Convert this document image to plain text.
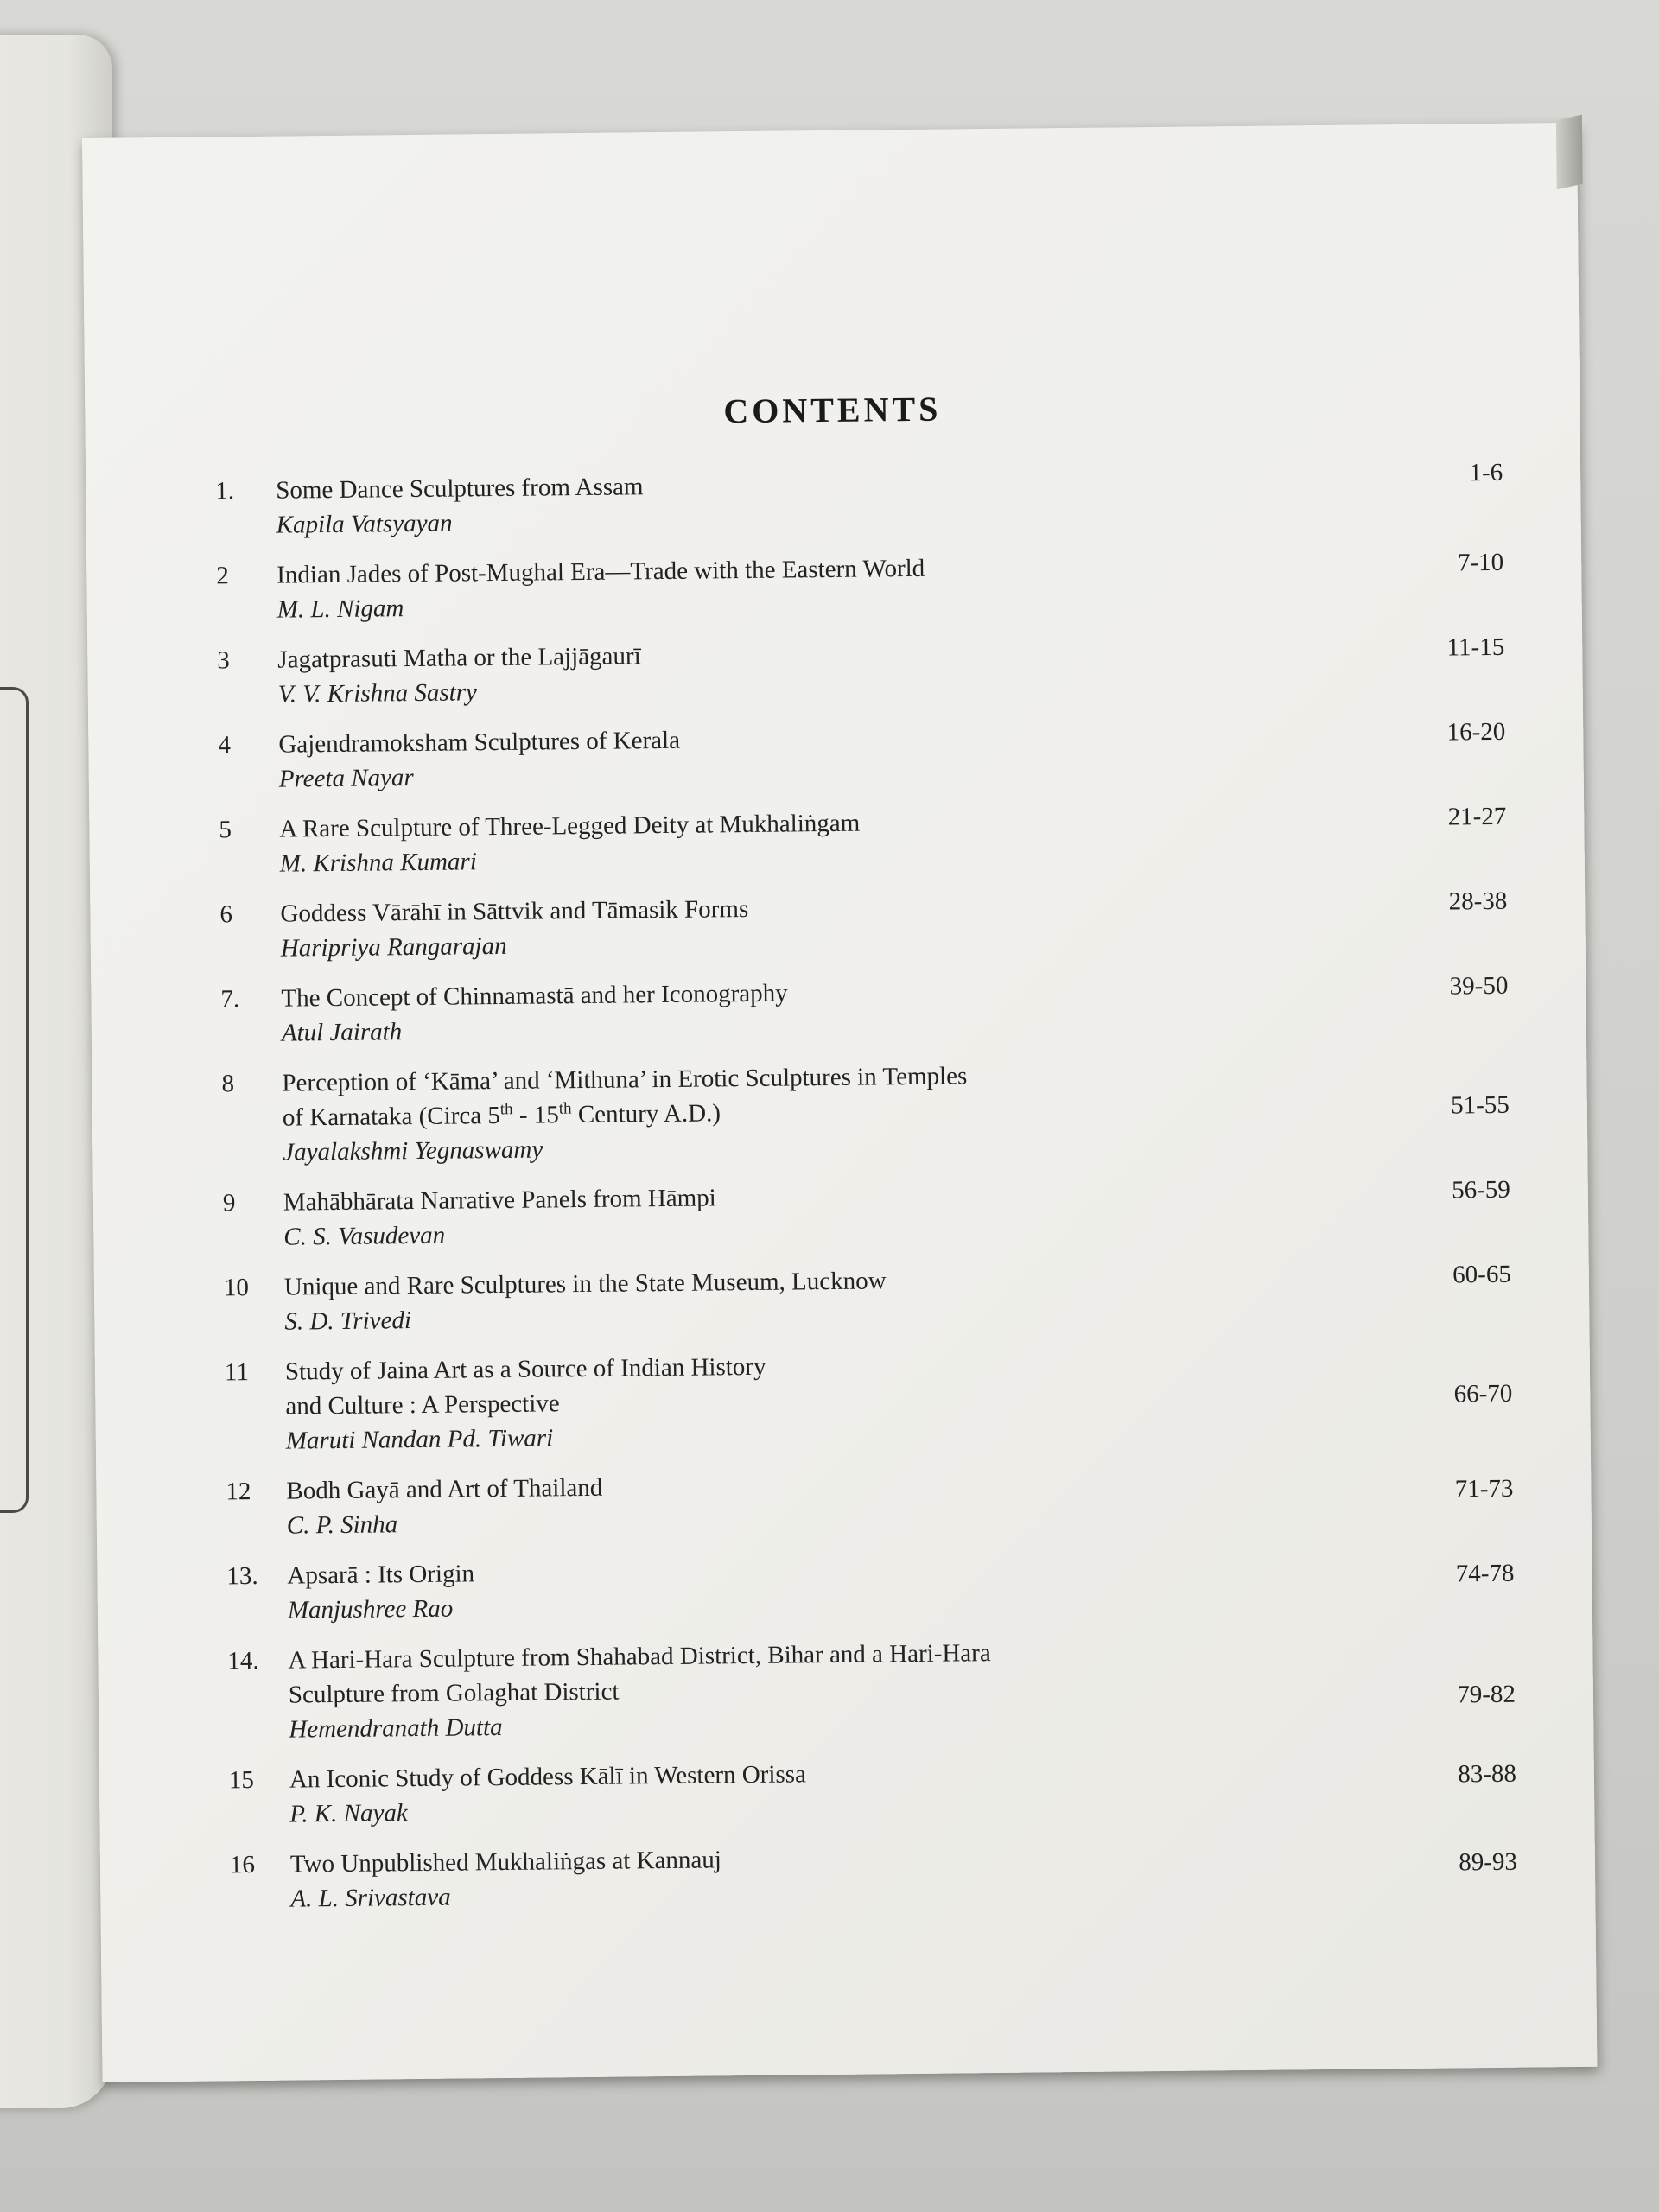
CONTENTS
1.	Some Dance Sculptures from Assam
Kapila Vatsyayan
1-6
2	Indian Jades of Post-Mughal Era—Trade with the Eastern World
M. L. Nigam
7-10
3	Jagatprasuti Matha or the Lajjāgaurī
V. V. Krishna Sastry
11-15
4	Gajendramoksham Sculptures of Kerala
Preeta Nayar
16-20
5	A Rare Sculpture of Three-Legged Deity at Mukhaliṅgam
M. Krishna Kumari
21-27
6	Goddess Vārāhī in Sāttvik and Tāmasik Forms
Haripriya Rangarajan
28-38
7.	The Concept of Chinnamastā and her Iconography
Atul Jairath
39-50
8	Perception of ‘Kāma’ and ‘Mithuna’ in Erotic Sculptures in Temples
of Karnataka (Circa 5th - 15th Century A.D.)
Jayalakshmi Yegnaswamy
51-55
9	Mahābhārata Narrative Panels from Hāmpi
C. S. Vasudevan
56-59
10	Unique and Rare Sculptures in the State Museum, Lucknow
S. D. Trivedi
60-65
11	Study of Jaina Art as a Source of Indian History
and Culture : A Perspective
Maruti Nandan Pd. Tiwari
66-70
12	Bodh Gayā and Art of Thailand
C. P. Sinha
71-73
13.	Apsarā : Its Origin
Manjushree Rao
74-78
14.	A Hari-Hara Sculpture from Shahabad District, Bihar and a Hari-Hara
Sculpture from Golaghat District
Hemendranath Dutta
79-82
15	An Iconic Study of Goddess Kālī in Western Orissa
P. K. Nayak
83-88
16	Two Unpublished Mukhaliṅgas at Kannauj
A. L. Srivastava
89-93
